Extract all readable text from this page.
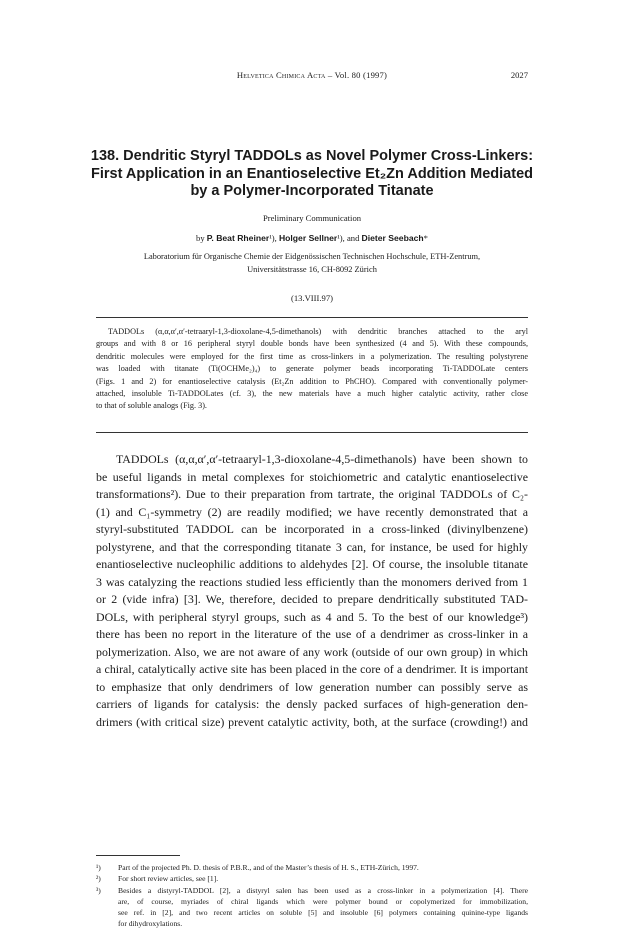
Helvetica Chimica Acta – Vol. 80 (1997)	2027
138. Dendritic Styryl TADDOLs as Novel Polymer Cross-Linkers:
First Application in an Enantioselective Et₂Zn Addition Mediated
by a Polymer-Incorporated Titanate
Preliminary Communication
by P. Beat Rheiner¹), Holger Sellner¹), and Dieter Seebach*
Laboratorium für Organische Chemie der Eidgenössischen Technischen Hochschule, ETH-Zentrum,
Universitätstrasse 16, CH-8092 Zürich
(13.VIII.97)
TADDOLs (α,α,α′,α′-tetraaryl-1,3-dioxolane-4,5-dimethanols) with dendritic branches attached to the aryl
groups and with 8 or 16 peripheral styryl double bonds have been synthesized (4 and 5). With these compounds,
dendritic molecules were employed for the first time as cross-linkers in a polymerization. The resulting polystyrene
was loaded with titanate (Ti(OCHMe₂)₄) to generate polymer beads incorporating Ti-TADDOLate centers
(Figs. 1 and 2) for enantioselective catalysis (Et₂Zn addition to PhCHO). Compared with conventionally polymer-
attached, insoluble Ti-TADDOLates (cf. 3), the new materials have a much higher catalytic activity, rather close
to that of soluble analogs (Fig. 3).
TADDOLs (α,α,α′,α′-tetraaryl-1,3-dioxolane-4,5-dimethanols) have been shown to
be useful ligands in metal complexes for stoichiometric and catalytic enantioselective
transformations²). Due to their preparation from tartrate, the original TADDOLs of C₂-
(1) and C₁-symmetry (2) are readily modified; we have recently demonstrated that a
styryl-substituted TADDOL can be incorporated in a cross-linked (divinylbenzene)
polystyrene, and that the corresponding titanate 3 can, for instance, be used for highly
enantioselective nucleophilic additions to aldehydes [2]. Of course, the insoluble titanate
3 was catalyzing the reactions studied less efficiently than the monomers derived from 1
or 2 (vide infra) [3]. We, therefore, decided to prepare dendritically substituted TAD-
DOLs, with peripheral styryl groups, such as 4 and 5. To the best of our knowledge³)
there has been no report in the literature of the use of a dendrimer as cross-linker in a
polymerization. Also, we are not aware of any work (outside of our own group) in which
a chiral, catalytically active site has been placed in the core of a dendrimer. It is important
to emphasize that only dendrimers of low generation number can possibly serve as
carriers of ligands for catalysis: the densly packed surfaces of high-generation den-
drimers (with critical size) prevent catalytic activity, both, at the surface (crowding!) and
¹)	Part of the projected Ph. D. thesis of P.B.R., and of the Master’s thesis of H. S., ETH-Zürich, 1997.
²)	For short review articles, see [1].
³)	Besides a distyryl-TADDOL [2], a distyryl salen has been used as a cross-linker in a polymerization [4]. There
are, of course, myriades of chiral ligands which were polymer bound or copolymerized for immobilization,
see ref. in [2], and two recent articles on soluble [5] and insoluble [6] polymers containing quinine-type ligands
for dihydroxylations.
